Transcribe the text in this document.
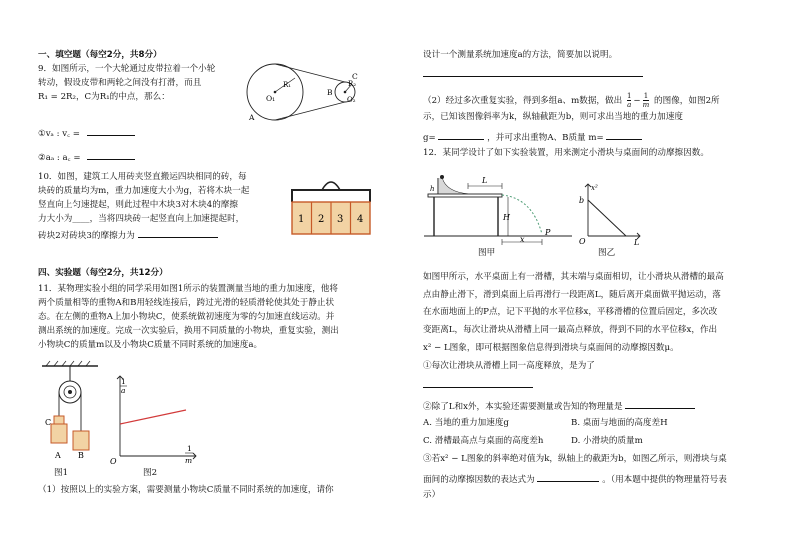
一、填空题（每空2分，共8分）
9．如图所示，一个大轮通过皮带拉着一个小轮
转动，假设皮带和两轮之间没有打滑，而且
R₁ = 2R₂，C为R₁的中点，那么：
①vₐ : v꜀ =
②aₐ : a꜀ =
O₁
R₁
O₂
R₂
A
B
C
10．如图，建筑工人用砖夹竖直搬运四块相同的砖，每
块砖的质量均为m，重力加速度大小为g，若将木块一起
竖直向上匀速提起，则此过程中木块3对木块4的摩擦
力大小为____，当将四块砖一起竖直向上加速提起时，
砖块2对砖块3的摩擦力为
1 2 3 4
四、实验题（每空2分，共12分）
11．某物理实验小组的同学采用如图1所示的装置测量当地的重力加速度，他将
两个质量相等的重物A和B用轻线连接后，跨过光滑的轻质滑轮使其处于静止状
态。在左侧的重物A上加小物块C，使系统做初速度为零的匀加速直线运动。并
测出系统的加速度。完成一次实验后，换用不同质量的小物块，重复实验，测出
小物块C的质量m以及小物块C质量不同时系统的加速度a。
C
A B
图1
1
a
1
m
O
图2
（1）按照以上的实验方案，需要测量小物块C质量不同时系统的加速度，请你
设计一个测量系统加速度a的方法，简要加以说明。
（2）经过多次重复实验，得到多组a、m数据，做出 $\frac{1}{a} - \frac{1}{m}$ 的图像，如图2所
示，已知该图像斜率为k，纵轴截距为b，则可求出当地的重力加速度
g=	，并可求出重物A、B质量 m=
12．某同学设计了如下实验装置，用来测定小滑块与桌面间的动摩擦因数。
L
H
h
x
P
图甲
x²
b
O	L
图乙
如图甲所示，水平桌面上有一滑槽，其末端与桌面相切，让小滑块从滑槽的最高
点由静止滑下，滑到桌面上后再滑行一段距离L，随后离开桌面做平抛运动，落
在水面地面上的P点，记下平抛的水平位移x，平移滑槽的位置后固定，多次改
变距离L，每次让滑块从滑槽上同一最高点释放，得到不同的水平位移x，作出
x² − L图象，即可根据图象信息得到滑块与桌面间的动摩擦因数μ。
①每次让滑块从滑槽上同一高度释放，是为了
②除了L和x外，本实验还需要测量或告知的物理量是
A. 当地的重力加速度g	B. 桌面与地面的高度差H
C. 滑槽最高点与桌面的高度差h	D. 小滑块的质量m
③若x² − L图象的斜率绝对值为k，纵轴上的截距为b，如图乙所示，则滑块与桌
面间的动摩擦因数的表达式为	。（用本题中提供的物理量符号表
示）
